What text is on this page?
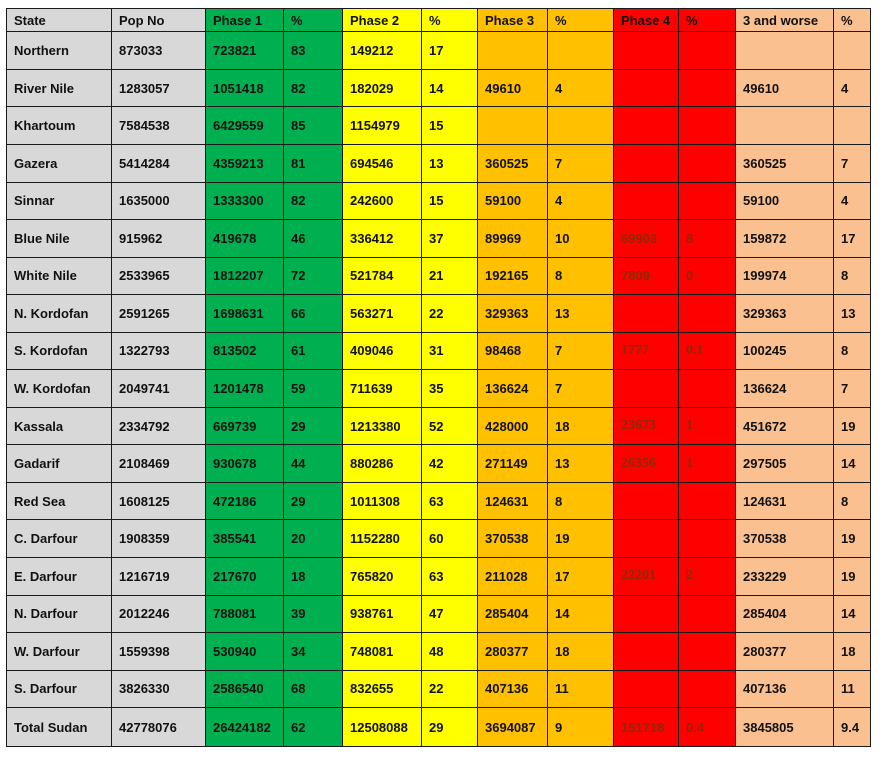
State	Pop No	Phase 1	%	Phase 2	%	Phase 3	%	Phase 4	%	3 and worse	%
Northern	873033	723821	83	149212	17						
River Nile	1283057	1051418	82	182029	14	49610	4			49610	4
Khartoum	7584538	6429559	85	1154979	15						
Gazera	5414284	4359213	81	694546	13	360525	7			360525	7
Sinnar	1635000	1333300	82	242600	15	59100	4			59100	4
Blue Nile	915962	419678	46	336412	37	89969	10	69903	8	159872	17
White Nile	2533965	1812207	72	521784	21	192165	8	7809	0	199974	8
N. Kordofan	2591265	1698631	66	563271	22	329363	13			329363	13
S. Kordofan	1322793	813502	61	409046	31	98468	7	1777	0.1	100245	8
W. Kordofan	2049741	1201478	59	711639	35	136624	7			136624	7
Kassala	2334792	669739	29	1213380	52	428000	18	23673	1	451672	19
Gadarif	2108469	930678	44	880286	42	271149	13	26356	1	297505	14
Red Sea	1608125	472186	29	1011308	63	124631	8			124631	8
C. Darfour	1908359	385541	20	1152280	60	370538	19			370538	19
E. Darfour	1216719	217670	18	765820	63	211028	17	22201	2	233229	19
N. Darfour	2012246	788081	39	938761	47	285404	14			285404	14
W. Darfour	1559398	530940	34	748081	48	280377	18			280377	18
S. Darfour	3826330	2586540	68	832655	22	407136	11			407136	11
Total Sudan	42778076	26424182	62	12508088	29	3694087	9	151718	0.4	3845805	9.4
